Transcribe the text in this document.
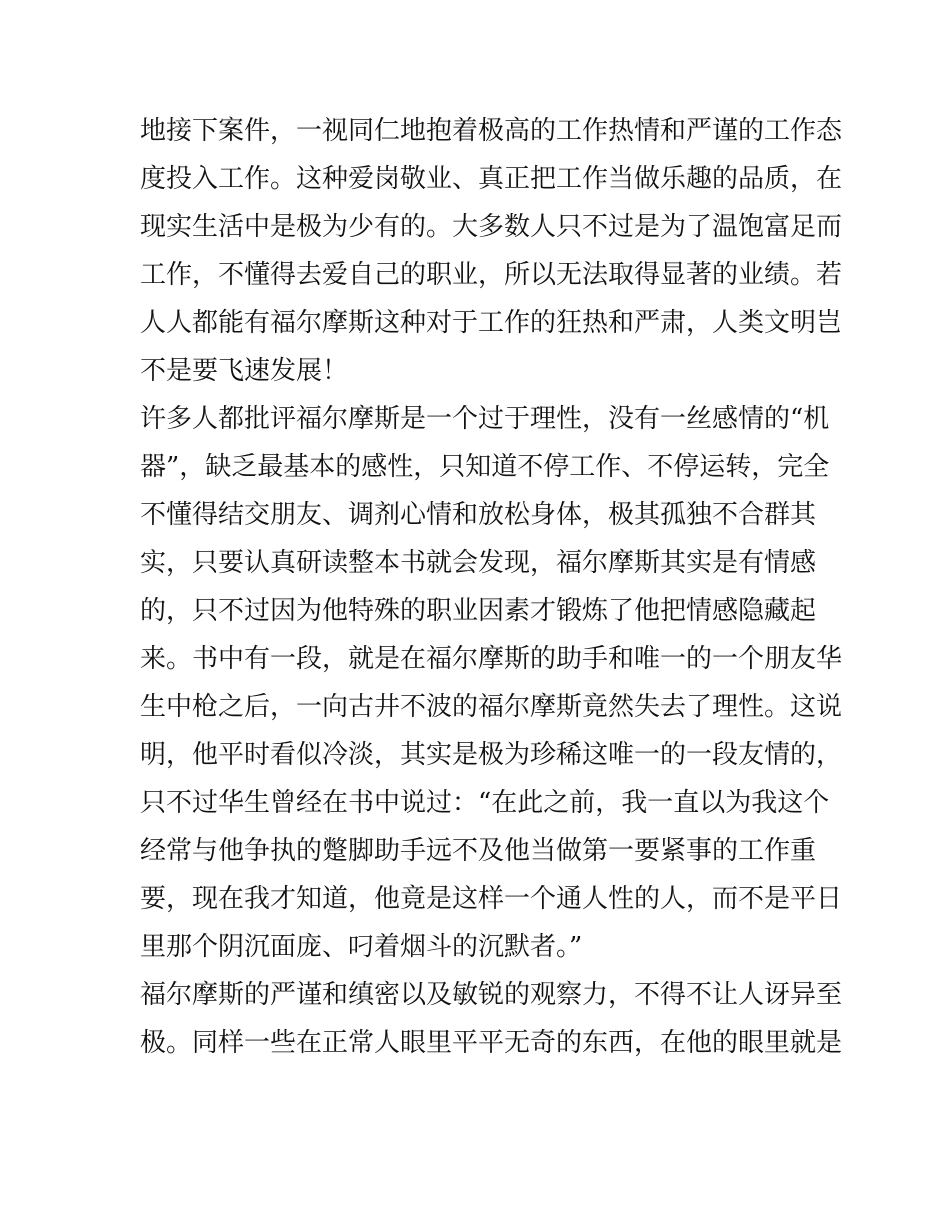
地接下案件，一视同仁地抱着极高的工作热情和严谨的工作态
度投入工作。这种爱岗敬业、真正把工作当做乐趣的品质，在
现实生活中是极为少有的。大多数人只不过是为了温饱富足而
工作，不懂得去爱自己的职业，所以无法取得显著的业绩。若
人人都能有福尔摩斯这种对于工作的狂热和严肃，人类文明岂
不是要飞速发展！
许多人都批评福尔摩斯是一个过于理性，没有一丝感情的“机
器”，缺乏最基本的感性，只知道不停工作、不停运转，完全
不懂得结交朋友、调剂心情和放松身体，极其孤独不合群其
实，只要认真研读整本书就会发现，福尔摩斯其实是有情感
的，只不过因为他特殊的职业因素才锻炼了他把情感隐藏起
来。书中有一段，就是在福尔摩斯的助手和唯一的一个朋友华
生中枪之后，一向古井不波的福尔摩斯竟然失去了理性。这说
明，他平时看似冷淡，其实是极为珍稀这唯一的一段友情的，
只不过华生曾经在书中说过：“在此之前，我一直以为我这个
经常与他争执的蹩脚助手远不及他当做第一要紧事的工作重
要，现在我才知道，他竟是这样一个通人性的人，而不是平日
里那个阴沉面庞、叼着烟斗的沉默者。”
福尔摩斯的严谨和缜密以及敏锐的观察力，不得不让人讶异至
极。同样一些在正常人眼里平平无奇的东西，在他的眼里就是
